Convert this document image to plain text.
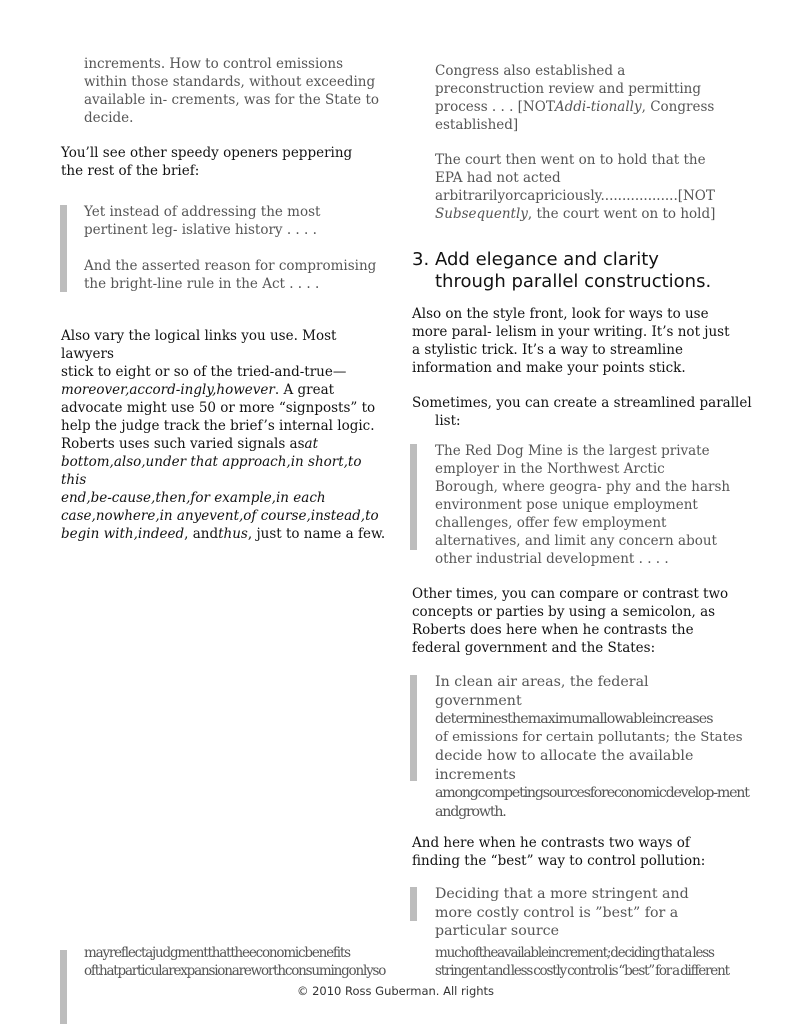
increments. How to control emissions within those standards, without exceeding available in- crements, was for the State to decide.

You’ll see other speedy openers peppering the rest of the brief:

Yet instead of addressing the most pertinent leg- islative history . . . .

And the asserted reason for compromising the bright-line rule in the Act . . . .

Also vary the logical links you use. Most lawyers
stick to eight or so of the tried-and-true—
moreover,accord-ingly,however. A great
advocate might use 50 or more “signposts” to
help the judge track the brief’s internal logic.
Roberts uses such varied signals asat
bottom,also,under that approach,in short,to this
end,be-cause,then,for example,in each
case,nowhere,in anyevent,of course,instead,to
begin with,indeed, andthus, just to name a few.
mayreflectajudgmentthattheeconomicbenefits
ofthatparticularexpansionareworthconsumingonlyso
Congress also established a preconstruction review and permitting process . . . [NOTAddi-tionally, Congress established]
The court then went on to hold that the EPA had not acted arbitrarilyorcapriciously..................[NOT Subsequently, the court went on to hold]
3. Add elegance and clarity
through parallel constructions.

Also on the style front, look for ways to use more paral- lelism in your writing. It’s not just a stylistic trick. It’s a way to streamline information and make your points stick.

Sometimes, you can create a streamlined parallel list:

The Red Dog Mine is the largest private employer in the Northwest Arctic Borough, where geogra- phy and the harsh environment pose unique employment challenges, offer few employment alternatives, and limit any concern about other industrial development . . . .

Other times, you can compare or contrast two concepts or parties by using a semicolon, as Roberts does here when he contrasts the federal government and the States:

In clean air areas, the federal
government
determinesthemaximumallowableincreases
of emissions for certain pollutants; the States
decide how to allocate the available
increments
amongcompetingsourcesforeconomicdevelop-ment
andgrowth.

And here when he contrasts two ways of finding the “best” way to control pollution:

Deciding that a more stringent and more costly control is ”best” for a particular source

muchoftheavailableincrement;deciding that a less
stringent and less costly control is “best” for a different
© 2010 Ross Guberman. All rights
